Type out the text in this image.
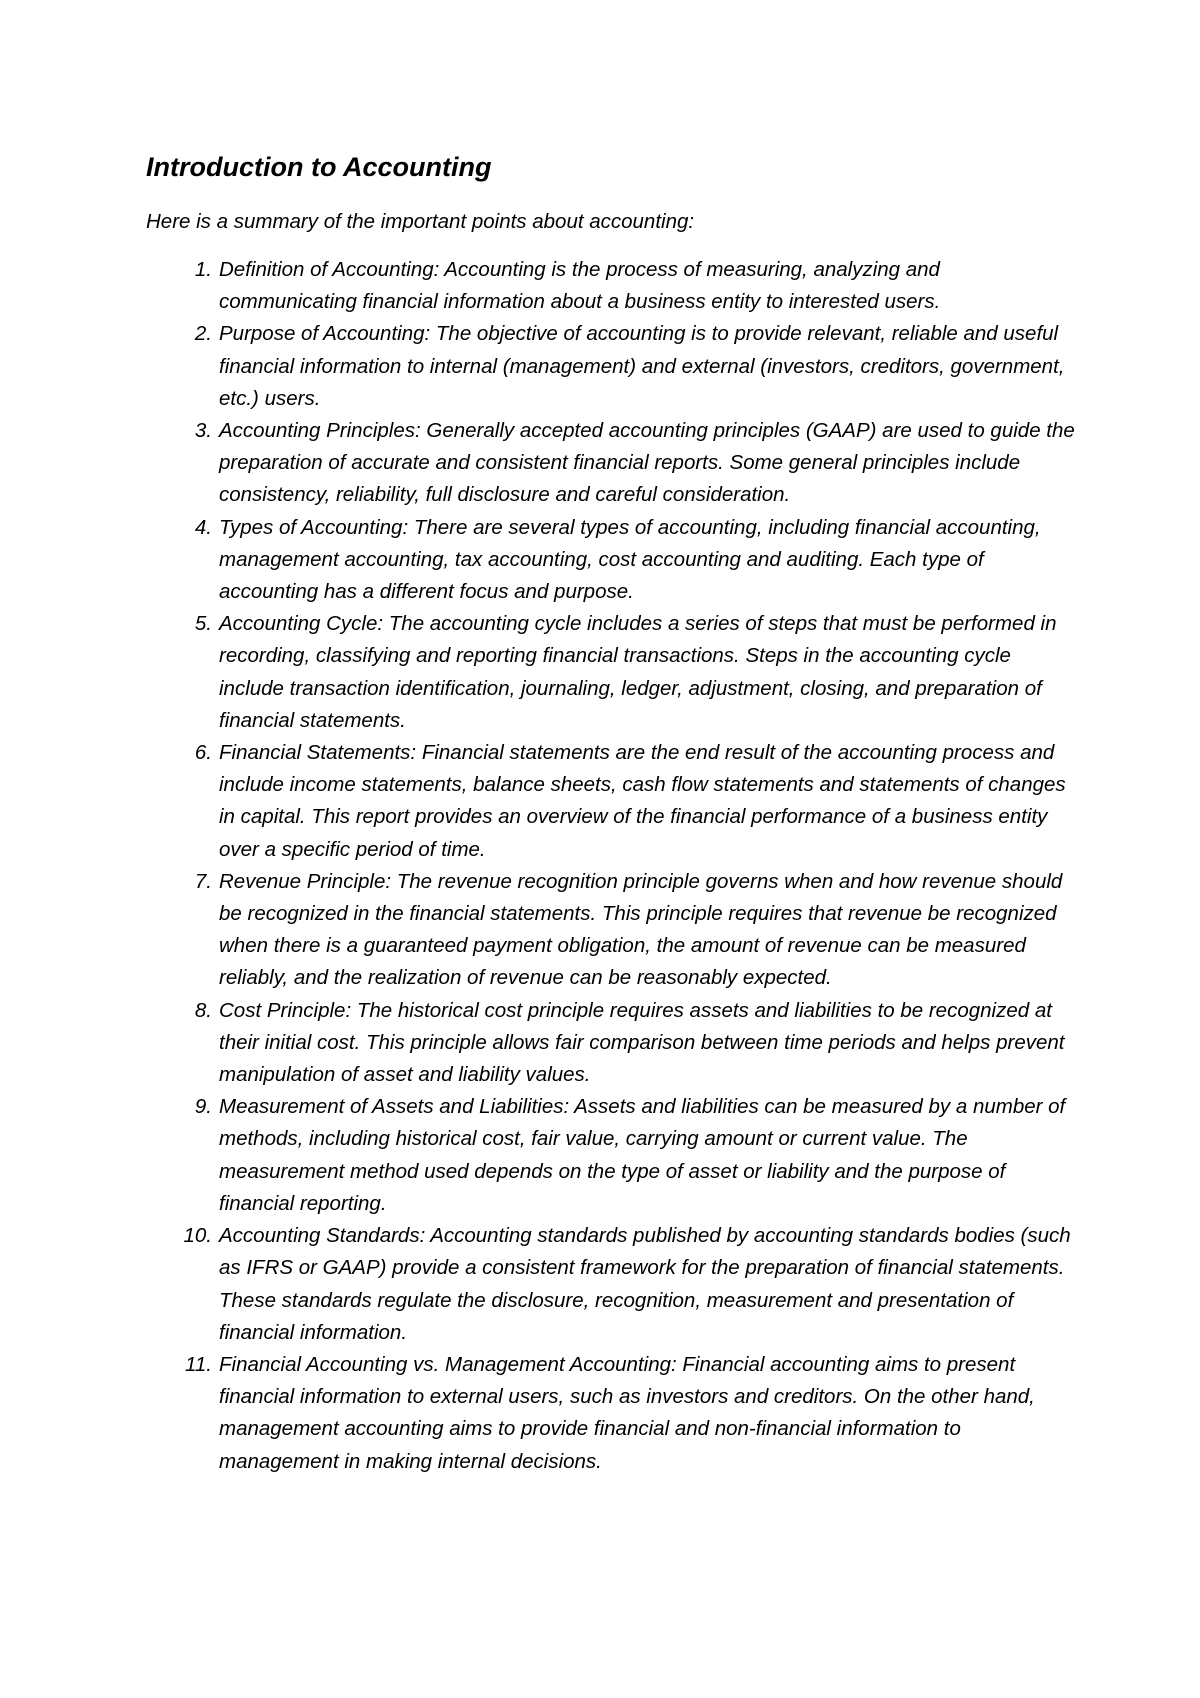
Introduction to Accounting

Here is a summary of the important points about accounting:

1. Definition of Accounting: Accounting is the process of measuring, analyzing and communicating financial information about a business entity to interested users.
2. Purpose of Accounting: The objective of accounting is to provide relevant, reliable and useful financial information to internal (management) and external (investors, creditors, government, etc.) users.
3. Accounting Principles: Generally accepted accounting principles (GAAP) are used to guide the preparation of accurate and consistent financial reports. Some general principles include consistency, reliability, full disclosure and careful consideration.
4. Types of Accounting: There are several types of accounting, including financial accounting, management accounting, tax accounting, cost accounting and auditing. Each type of accounting has a different focus and purpose.
5. Accounting Cycle: The accounting cycle includes a series of steps that must be performed in recording, classifying and reporting financial transactions. Steps in the accounting cycle include transaction identification, journaling, ledger, adjustment, closing, and preparation of financial statements.
6. Financial Statements: Financial statements are the end result of the accounting process and include income statements, balance sheets, cash flow statements and statements of changes in capital. This report provides an overview of the financial performance of a business entity over a specific period of time.
7. Revenue Principle: The revenue recognition principle governs when and how revenue should be recognized in the financial statements. This principle requires that revenue be recognized when there is a guaranteed payment obligation, the amount of revenue can be measured reliably, and the realization of revenue can be reasonably expected.
8. Cost Principle: The historical cost principle requires assets and liabilities to be recognized at their initial cost. This principle allows fair comparison between time periods and helps prevent manipulation of asset and liability values.
9. Measurement of Assets and Liabilities: Assets and liabilities can be measured by a number of methods, including historical cost, fair value, carrying amount or current value. The measurement method used depends on the type of asset or liability and the purpose of financial reporting.
10. Accounting Standards: Accounting standards published by accounting standards bodies (such as IFRS or GAAP) provide a consistent framework for the preparation of financial statements. These standards regulate the disclosure, recognition, measurement and presentation of financial information.
11. Financial Accounting vs. Management Accounting: Financial accounting aims to present financial information to external users, such as investors and creditors. On the other hand, management accounting aims to provide financial and non-financial information to management in making internal decisions.
